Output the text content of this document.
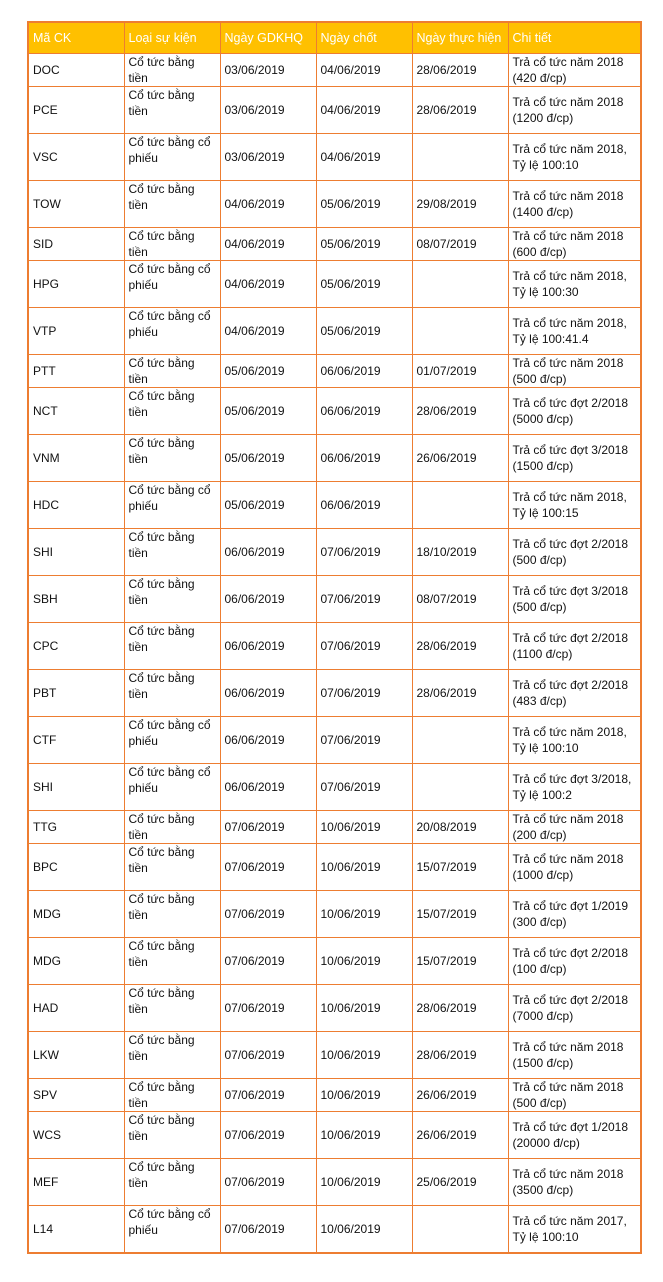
Mã CK	Loại sự kiện	Ngày GDKHQ	Ngày chốt	Ngày thực hiện	Chi tiết
DOC	Cổ tức bằng tiền	03/06/2019	04/06/2019	28/06/2019	Trả cổ tức năm 2018
(420 đ/cp)

PCE	Cổ tức bằng tiền	03/06/2019	04/06/2019	28/06/2019	Trả cổ tức năm 2018
(1200 đ/cp)

VSC	Cổ tức bằng cổ phiếu	03/06/2019	04/06/2019		Trả cổ tức năm 2018,
Tỷ lệ 100:10

TOW	Cổ tức bằng tiền	04/06/2019	05/06/2019	29/08/2019	Trả cổ tức năm 2018
(1400 đ/cp)

SID	Cổ tức bằng tiền	04/06/2019	05/06/2019	08/07/2019	Trả cổ tức năm 2018
(600 đ/cp)

HPG	Cổ tức bằng cổ phiếu	04/06/2019	05/06/2019		Trả cổ tức năm 2018,
Tỷ lệ 100:30

VTP	Cổ tức bằng cổ phiếu	04/06/2019	05/06/2019		Trả cổ tức năm 2018,
Tỷ lệ 100:41.4

PTT	Cổ tức bằng tiền	05/06/2019	06/06/2019	01/07/2019	Trả cổ tức năm 2018
(500 đ/cp)

NCT	Cổ tức bằng tiền	05/06/2019	06/06/2019	28/06/2019	Trả cổ tức đợt 2/2018
(5000 đ/cp)

VNM	Cổ tức bằng tiền	05/06/2019	06/06/2019	26/06/2019	Trả cổ tức đợt 3/2018
(1500 đ/cp)

HDC	Cổ tức bằng cổ phiếu	05/06/2019	06/06/2019		Trả cổ tức năm 2018,
Tỷ lệ 100:15

SHI	Cổ tức bằng tiền	06/06/2019	07/06/2019	18/10/2019	Trả cổ tức đợt 2/2018
(500 đ/cp)

SBH	Cổ tức bằng tiền	06/06/2019	07/06/2019	08/07/2019	Trả cổ tức đợt 3/2018
(500 đ/cp)

CPC	Cổ tức bằng tiền	06/06/2019	07/06/2019	28/06/2019	Trả cổ tức đợt 2/2018
(1100 đ/cp)

PBT	Cổ tức bằng tiền	06/06/2019	07/06/2019	28/06/2019	Trả cổ tức đợt 2/2018
(483 đ/cp)

CTF	Cổ tức bằng cổ phiếu	06/06/2019	07/06/2019		Trả cổ tức năm 2018,
Tỷ lệ 100:10

SHI	Cổ tức bằng cổ phiếu	06/06/2019	07/06/2019		Trả cổ tức đợt 3/2018,
Tỷ lệ 100:2

TTG	Cổ tức bằng tiền	07/06/2019	10/06/2019	20/08/2019	Trả cổ tức năm 2018
(200 đ/cp)

BPC	Cổ tức bằng tiền	07/06/2019	10/06/2019	15/07/2019	Trả cổ tức năm 2018
(1000 đ/cp)

MDG	Cổ tức bằng tiền	07/06/2019	10/06/2019	15/07/2019	Trả cổ tức đợt 1/2019
(300 đ/cp)

MDG	Cổ tức bằng tiền	07/06/2019	10/06/2019	15/07/2019	Trả cổ tức đợt 2/2018
(100 đ/cp)

HAD	Cổ tức bằng tiền	07/06/2019	10/06/2019	28/06/2019	Trả cổ tức đợt 2/2018
(7000 đ/cp)

LKW	Cổ tức bằng tiền	07/06/2019	10/06/2019	28/06/2019	Trả cổ tức năm 2018
(1500 đ/cp)

SPV	Cổ tức bằng tiền	07/06/2019	10/06/2019	26/06/2019	Trả cổ tức năm 2018
(500 đ/cp)

WCS	Cổ tức bằng tiền	07/06/2019	10/06/2019	26/06/2019	Trả cổ tức đợt 1/2018
(20000 đ/cp)

MEF	Cổ tức bằng tiền	07/06/2019	10/06/2019	25/06/2019	Trả cổ tức năm 2018
(3500 đ/cp)

L14	Cổ tức bằng cổ phiếu	07/06/2019	10/06/2019		Trả cổ tức năm 2017,
Tỷ lệ 100:10
